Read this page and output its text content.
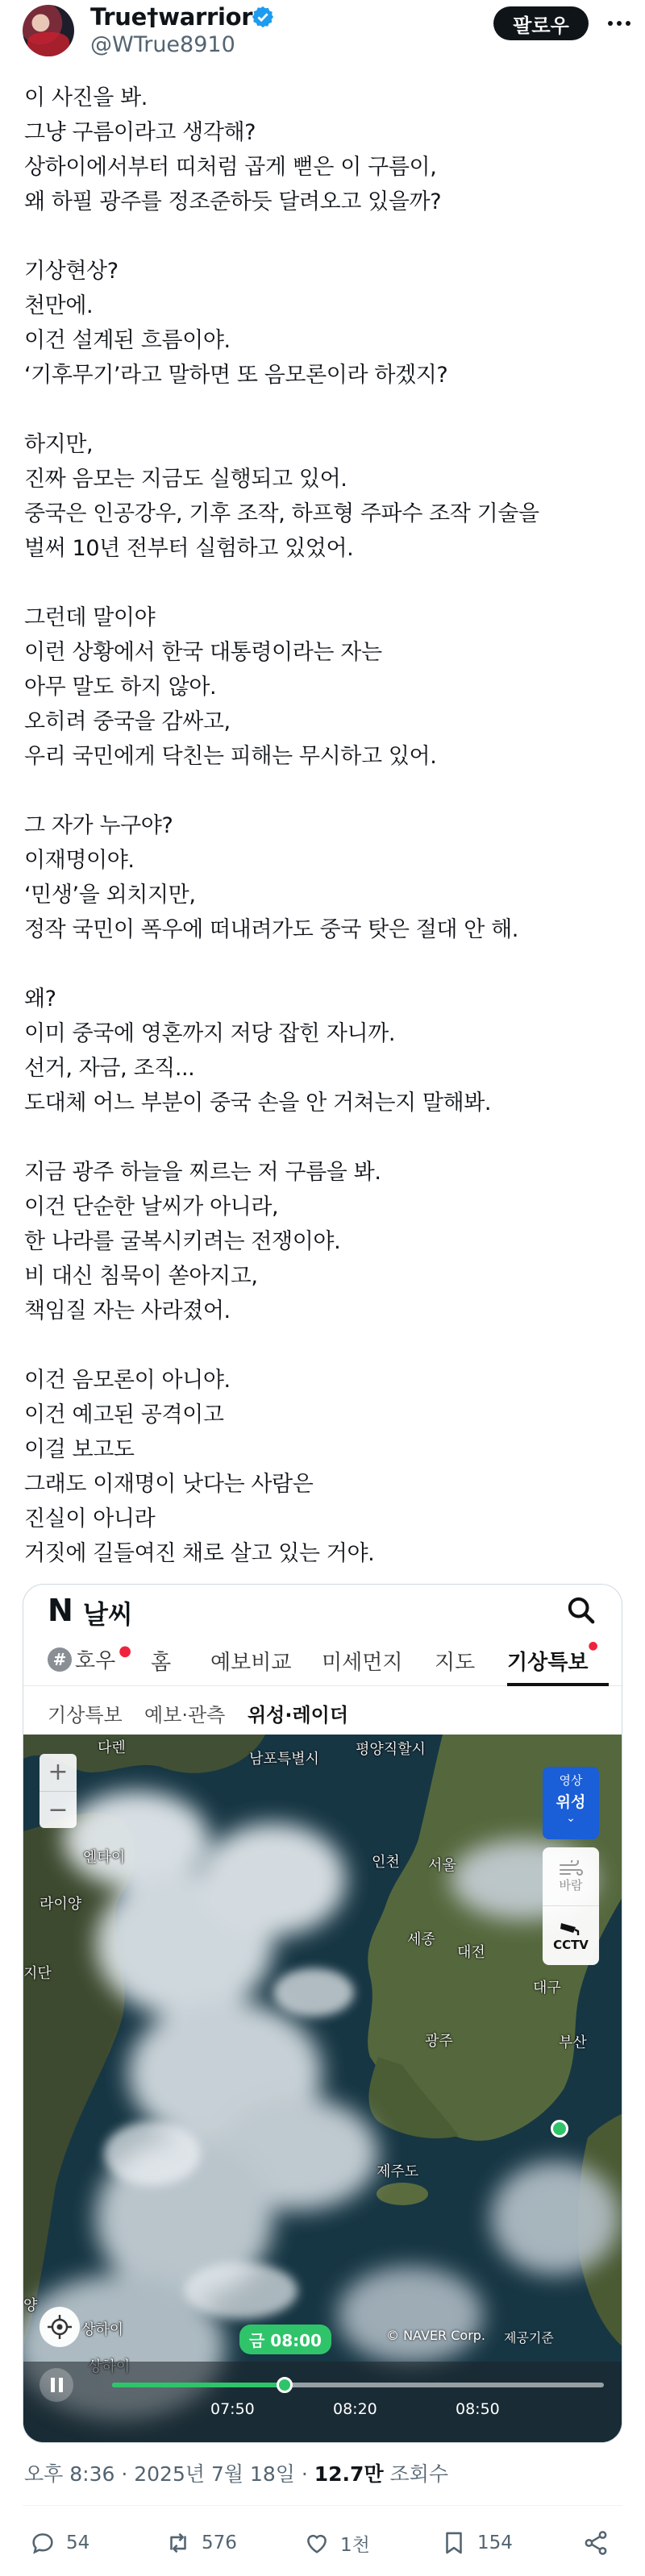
True†warrior
@WTrue8910
팔로우

이 사진을 봐.

그냥 구름이라고 생각해?

상하이에서부터 띠처럼 곱게 뻗은 이 구름이,

왜 하필 광주를 정조준하듯 달려오고 있을까?

기상현상?

천만에.

이건 설계된 흐름이야.

‘기후무기’라고 말하면 또 음모론이라 하겠지?

하지만,

진짜 음모는 지금도 실행되고 있어.

중국은 인공강우, 기후 조작, 하프형 주파수 조작 기술을

벌써 10년 전부터 실험하고 있었어.

그런데 말이야

이런 상황에서 한국 대통령이라는 자는

아무 말도 하지 않아.

오히려 중국을 감싸고,

우리 국민에게 닥친는 피해는 무시하고 있어.

그 자가 누구야?

이재명이야.

‘민생’을 외치지만,

정작 국민이 폭우에 떠내려가도 중국 탓은 절대 안 해.

왜?

이미 중국에 영혼까지 저당 잡힌 자니까.

선거, 자금, 조직...

도대체 어느 부분이 중국 손을 안 거쳐는지 말해봐.

지금 광주 하늘을 찌르는 저 구름을 봐.

이건 단순한 날씨가 아니라,

한 나라를 굴복시키려는 전쟁이야.

비 대신 침묵이 쏟아지고,

책임질 자는 사라졌어.

이건 음모론이 아니야.

이건 예고된 공격이고

이걸 보고도

그래도 이재명이 낫다는 사람은

진실이 아니라

거짓에 길들여진 채로 살고 있는 거야.

N 날씨
# 호우 ● 홈 예보비교 미세먼지 지도 기상특보
●
기상특보 예보·관측 위성·레이더
다렌
남포특별시
평양직할시
엔타이
라이양
인천 서울
지단
세종
대전
대구
광주	부산
제주도
양
상하이
+
−
영상
위성
⌄
바람
CCTV
금 08:00	© NAVER Corp. 제공기준
07:50	08:20	08:50
오후 8:36 · 2025년 7월 18일 · 12.7만 조회수
54	576	1천	154
